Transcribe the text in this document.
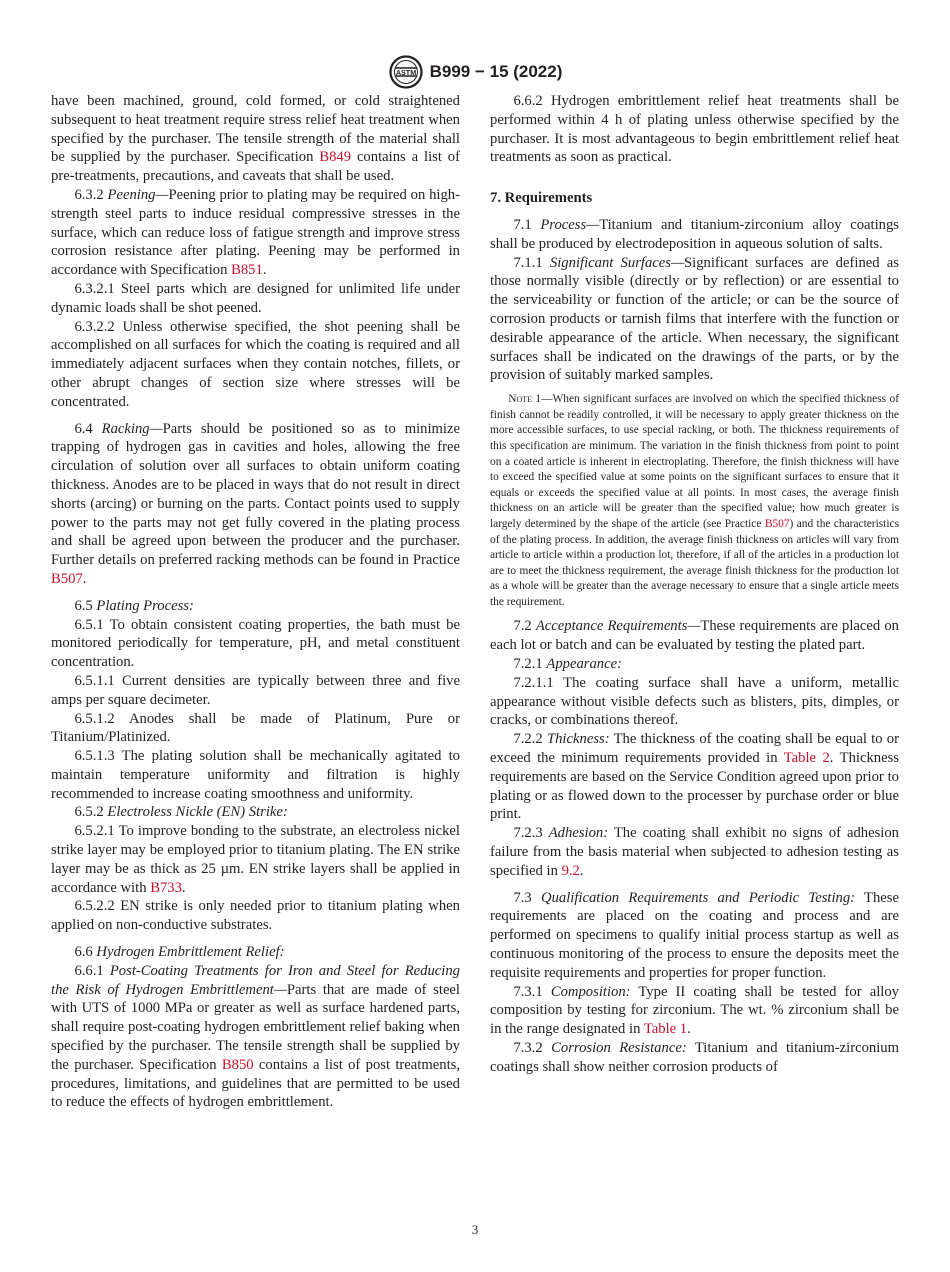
ASTM B999 − 15 (2022)

have been machined, ground, cold formed, or cold straightened subsequent to heat treatment require stress relief heat treatment when specified by the purchaser. The tensile strength of the material shall be supplied by the purchaser. Specification B849 contains a list of pre-treatments, precautions, and caveats that shall be used.

6.3.2 Peening—Peening prior to plating may be required on high-strength steel parts to induce residual compressive stresses in the surface, which can reduce loss of fatigue strength and improve stress corrosion resistance after plating. Peening may be performed in accordance with Specification B851.

6.3.2.1 Steel parts which are designed for unlimited life under dynamic loads shall be shot peened.

6.3.2.2 Unless otherwise specified, the shot peening shall be accomplished on all surfaces for which the coating is required and all immediately adjacent surfaces when they contain notches, fillets, or other abrupt changes of section size where stresses will be concentrated.

6.4 Racking—Parts should be positioned so as to minimize trapping of hydrogen gas in cavities and holes, allowing the free circulation of solution over all surfaces to obtain uniform coating thickness. Anodes are to be placed in ways that do not result in direct shorts (arcing) or burning on the parts. Contact points used to supply power to the parts may not get fully covered in the plating process and shall be agreed upon between the producer and the purchaser. Further details on preferred racking methods can be found in Practice B507.

6.5 Plating Process:

6.5.1 To obtain consistent coating properties, the bath must be monitored periodically for temperature, pH, and metal constituent concentration.

6.5.1.1 Current densities are typically between three and five amps per square decimeter.

6.5.1.2 Anodes shall be made of Platinum, Pure or Titanium/Platinized.

6.5.1.3 The plating solution shall be mechanically agitated to maintain temperature uniformity and filtration is highly recommended to increase coating smoothness and uniformity.

6.5.2 Electroless Nickle (EN) Strike:

6.5.2.1 To improve bonding to the substrate, an electroless nickel strike layer may be employed prior to titanium plating. The EN strike layer may be as thick as 25 µm. EN strike layers shall be applied in accordance with B733.

6.5.2.2 EN strike is only needed prior to titanium plating when applied on non-conductive substrates.

6.6 Hydrogen Embrittlement Relief:

6.6.1 Post-Coating Treatments for Iron and Steel for Reducing the Risk of Hydrogen Embrittlement—Parts that are made of steel with UTS of 1000 MPa or greater as well as surface hardened parts, shall require post-coating hydrogen embrittlement relief baking when specified by the purchaser. The tensile strength shall be supplied by the purchaser. Specification B850 contains a list of post treatments, procedures, limitations, and guidelines that are permitted to be used to reduce the effects of hydrogen embrittlement.

6.6.2 Hydrogen embrittlement relief heat treatments shall be performed within 4 h of plating unless otherwise specified by the purchaser. It is most advantageous to begin embrittlement relief heat treatments as soon as practical.

7. Requirements

7.1 Process—Titanium and titanium-zirconium alloy coatings shall be produced by electrodeposition in aqueous solution of salts.

7.1.1 Significant Surfaces—Significant surfaces are defined as those normally visible (directly or by reflection) or are essential to the serviceability or function of the article; or can be the source of corrosion products or tarnish films that interfere with the function or desirable appearance of the article. When necessary, the significant surfaces shall be indicated on the drawings of the parts, or by the provision of suitably marked samples.

Note 1—When significant surfaces are involved on which the specified thickness of finish cannot be readily controlled, it will be necessary to apply greater thickness on the more accessible surfaces, to use special racking, or both. The thickness requirements of this specification are minimum. The variation in the finish thickness from point to point on a coated article is inherent in electroplating. Therefore, the finish thickness will have to exceed the specified value at some points on the significant surfaces to ensure that it equals or exceeds the specified value at all points. In most cases, the average finish thickness on an article will be greater than the specified value; how much greater is largely determined by the shape of the article (see Practice B507) and the characteristics of the plating process. In addition, the average finish thickness on articles will vary from article to article within a production lot, therefore, if all of the articles in a production lot are to meet the thickness requirement, the average finish thickness for the production lot as a whole will be greater than the average necessary to ensure that a single article meets the requirement.

7.2 Acceptance Requirements—These requirements are placed on each lot or batch and can be evaluated by testing the plated part.

7.2.1 Appearance:

7.2.1.1 The coating surface shall have a uniform, metallic appearance without visible defects such as blisters, pits, dimples, or cracks, or combinations thereof.

7.2.2 Thickness: The thickness of the coating shall be equal to or exceed the minimum requirements provided in Table 2. Thickness requirements are based on the Service Condition agreed upon prior to plating or as flowed down to the processer by purchase order or blue print.

7.2.3 Adhesion: The coating shall exhibit no signs of adhesion failure from the basis material when subjected to adhesion testing as specified in 9.2.

7.3 Qualification Requirements and Periodic Testing: These requirements are placed on the coating and process and are performed on specimens to qualify initial process startup as well as continuous monitoring of the process to ensure the deposits meet the requisite requirements and properties for proper function.

7.3.1 Composition: Type II coating shall be tested for alloy composition by testing for zirconium. The wt. % zirconium shall be in the range designated in Table 1.

7.3.2 Corrosion Resistance: Titanium and titanium-zirconium coatings shall show neither corrosion products of

3
